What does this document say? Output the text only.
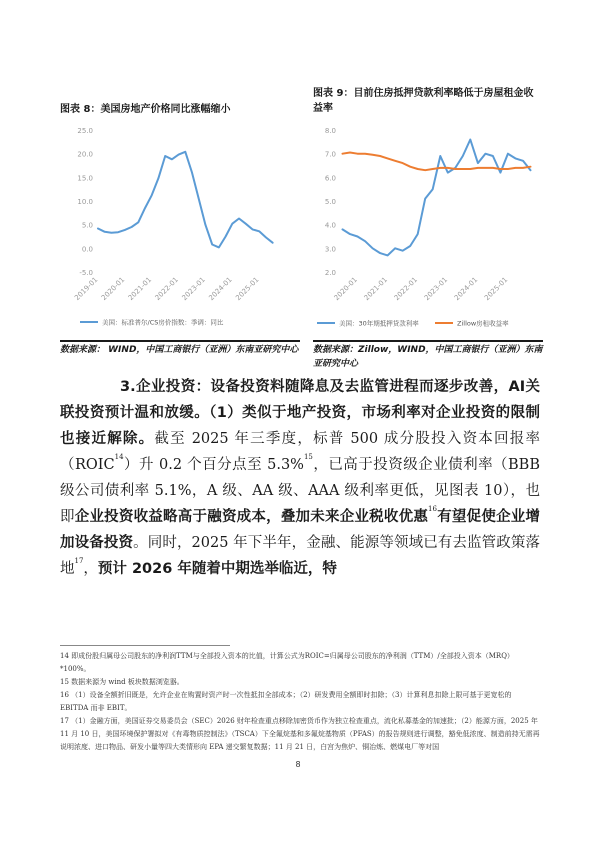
图表 8：美国房地产价格同比涨幅缩小
25.0
20.0
15.0
10.0
5.0
0.0
-5.0
2019-01 2020-01 2021-01 2022-01 2023-01 2024-01 2025-01
美国：标准普尔/CS房价指数：季调：同比
数据来源： WIND，中国工商银行（亚洲）东南亚研究中心
图表 9：目前住房抵押贷款利率略低于房屋租金收益率
8.0
7.0
6.0
5.0
4.0
3.0
2.0
2020-01 2021-01 2022-01 2023-01 2024-01 2025-01
美国：30年期抵押贷款利率	Zillow房租收益率
数据来源：Zillow，WIND，中国工商银行（亚洲）东南亚研究中心
3.企业投资：设备投资料随降息及去监管进程而逐步改善，AI关联投资预计温和放缓。（1）类似于地产投资，市场利率对企业投资的限制也接近解除。截至 2025 年三季度，标普 500 成分股投入资本回报率（ROIC$^{14}$）升 0.2 个百分点至 5.3%$^{15}$，已高于投资级企业债利率（BBB级公司债利率 5.1%，A 级、AA 级、AAA 级利率更低，见图表 10），也即企业投资收益略高于融资成本，叠加未来企业税收优惠$^{16}$有望促使企业增加设备投资。同时，2025 年下半年，金融、能源等领域已有去监管政策落地$^{17}$，预计 2026 年随着中期选举临近，特

14 即成份股归属母公司股东的净利润TTM与全部投入资本的比值，计算公式为ROIC=归属母公司股东的净利润（TTM）/全部投入资本（MRQ）*100%。

15 数据来源为 wind 板块数据浏览器。

16 （1）设备全额折旧既是，允许企业在购置时资产时一次性抵扣全部成本；（2）研发费用全额即时扣除；（3）计算利息扣除上限可基于更宽松的 EBITDA 而非 EBIT。

17 （1）金融方面，美国证券交易委员会（SEC）2026 财年检查重点移除加密货币作为独立检查重点，流化私募基金的加速批；（2）能源方面，2025 年 11 月 10 日，美国环境保护署拟对《有毒物质控制法》（TSCA）下全氟烷基和多氟烷基物质（PFAS）的报告规则进行调整，豁免低浓度、制造前持无需再说明浓度、进口物品、研发小量等四大类情形向 EPA 递交繁复数据；11 月 21 日，白宫为焦炉、铜冶炼、燃煤电厂等对国

8
